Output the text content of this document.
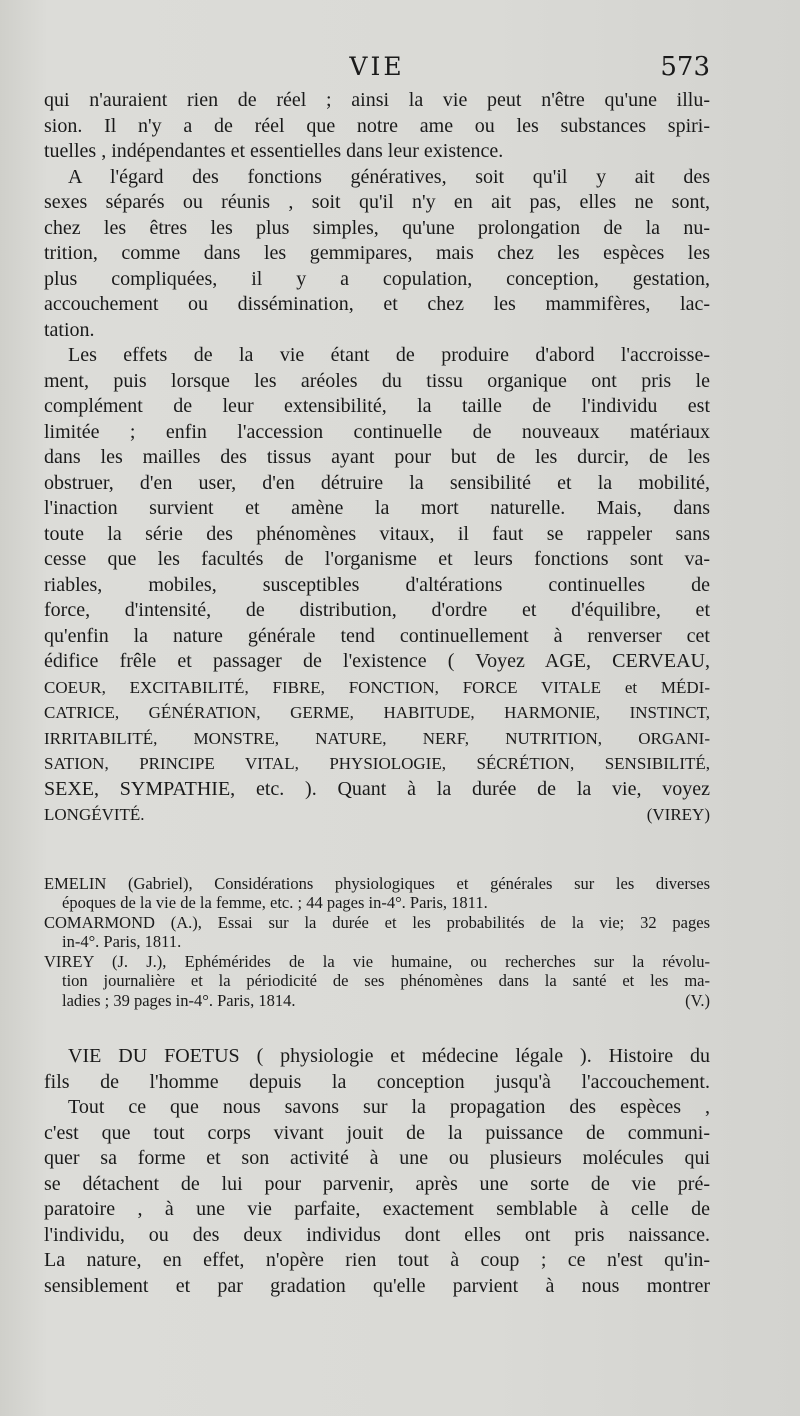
VIE	573
qui n'auraient rien de réel ; ainsi la vie peut n'être qu'une illu-
sion. Il n'y a de réel que notre ame ou les substances spiri-
tuelles , indépendantes et essentielles dans leur existence.
A l'égard des fonctions génératives, soit qu'il y ait des
sexes séparés ou réunis , soit qu'il n'y en ait pas, elles ne sont,
chez les êtres les plus simples, qu'une prolongation de la nu-
trition, comme dans les gemmipares, mais chez les espèces les
plus compliquées, il y a copulation, conception, gestation,
accouchement ou dissémination, et chez les mammifères, lac-
tation.
Les effets de la vie étant de produire d'abord l'accroisse-
ment, puis lorsque les aréoles du tissu organique ont pris le
complément de leur extensibilité, la taille de l'individu est
limitée ; enfin l'accession continuelle de nouveaux matériaux
dans les mailles des tissus ayant pour but de les durcir, de les
obstruer, d'en user, d'en détruire la sensibilité et la mobilité,
l'inaction survient et amène la mort naturelle. Mais, dans
toute la série des phénomènes vitaux, il faut se rappeler sans
cesse que les facultés de l'organisme et leurs fonctions sont va-
riables, mobiles, susceptibles d'altérations continuelles de
force, d'intensité, de distribution, d'ordre et d'équilibre, et
qu'enfin la nature générale tend continuellement à renverser cet
édifice frêle et passager de l'existence ( Voyez AGE, CERVEAU,
COEUR, EXCITABILITÉ, FIBRE, FONCTION, FORCE VITALE et MÉDI-
CATRICE, GÉNÉRATION, GERME, HABITUDE, HARMONIE, INSTINCT,
IRRITABILITÉ, MONSTRE, NATURE, NERF, NUTRITION, ORGANI-
SATION, PRINCIPE VITAL, PHYSIOLOGIE, SÉCRÉTION, SENSIBILITÉ,
SEXE, SYMPATHIE, etc. ). Quant à la durée de la vie, voyez
LONGÉVITÉ.	(VIREY)
EMELIN (Gabriel), Considérations physiologiques et générales sur les diverses
époques de la vie de la femme, etc. ; 44 pages in-4°. Paris, 1811.
COMARMOND (A.), Essai sur la durée et les probabilités de la vie; 32 pages
in-4°. Paris, 1811.
VIREY (J. J.), Ephémérides de la vie humaine, ou recherches sur la révolu-
tion journalière et la périodicité de ses phénomènes dans la santé et les ma-
ladies ; 39 pages in-4°. Paris, 1814.	(V.)
VIE DU FOETUS ( physiologie et médecine légale ). Histoire du
fils de l'homme depuis la conception jusqu'à l'accouchement.
Tout ce que nous savons sur la propagation des espèces ,
c'est que tout corps vivant jouit de la puissance de communi-
quer sa forme et son activité à une ou plusieurs molécules qui
se détachent de lui pour parvenir, après une sorte de vie pré-
paratoire , à une vie parfaite, exactement semblable à celle de
l'individu, ou des deux individus dont elles ont pris naissance.
La nature, en effet, n'opère rien tout à coup ; ce n'est qu'in-
sensiblement et par gradation qu'elle parvient à nous montrer
